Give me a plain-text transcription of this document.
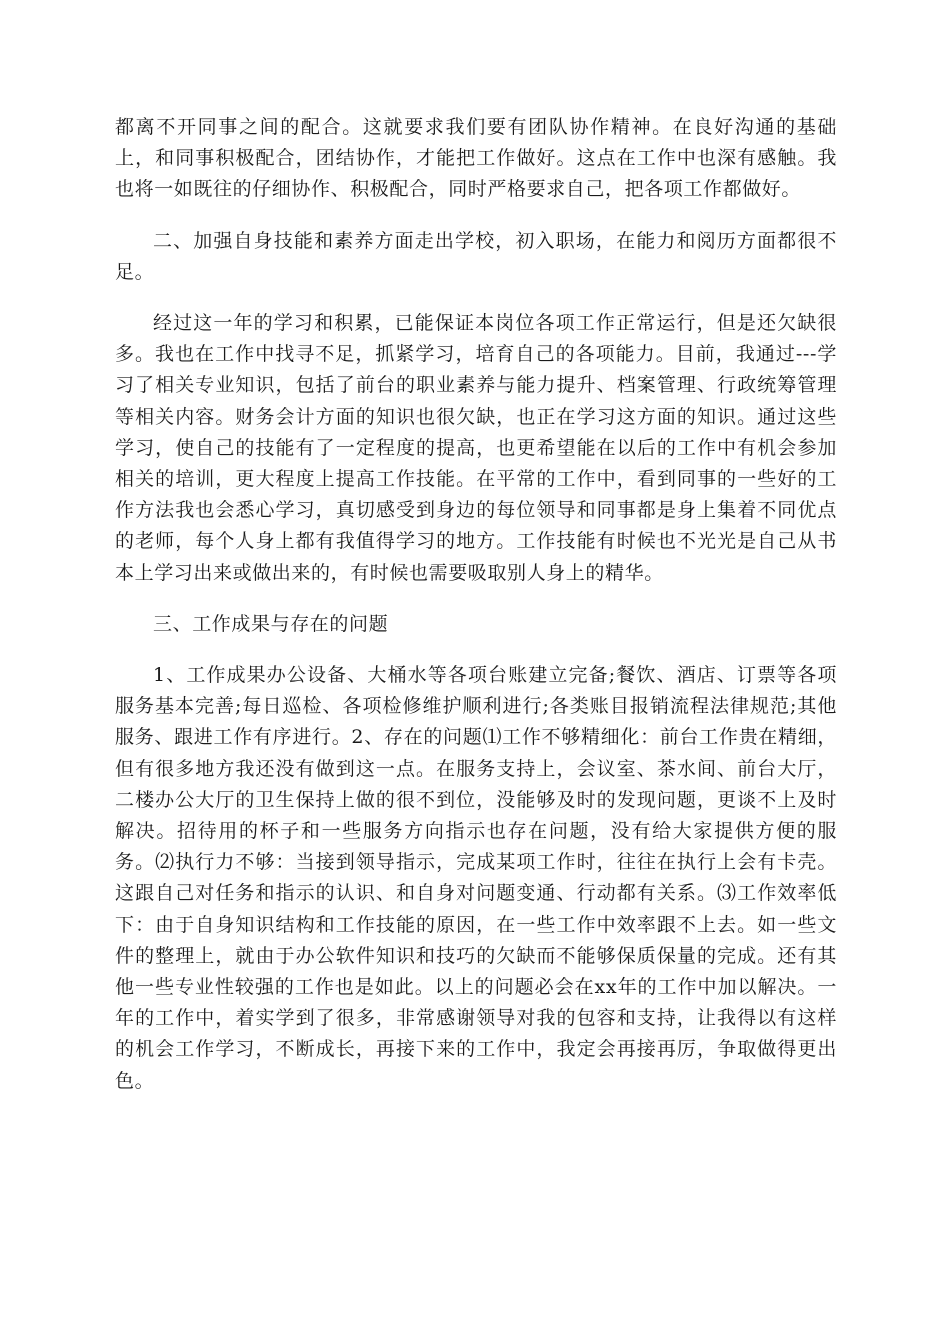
都离不开同事之间的配合。这就要求我们要有团队协作精神。在良好沟通的基础上，和同事积极配合，团结协作，才能把工作做好。这点在工作中也深有感触。我也将一如既往的仔细协作、积极配合，同时严格要求自己，把各项工作都做好。

二、加强自身技能和素养方面走出学校，初入职场，在能力和阅历方面都很不足。

经过这一年的学习和积累，已能保证本岗位各项工作正常运行，但是还欠缺很多。我也在工作中找寻不足，抓紧学习，培育自己的各项能力。目前，我通过---学习了相关专业知识，包括了前台的职业素养与能力提升、档案管理、行政统筹管理等相关内容。财务会计方面的知识也很欠缺，也正在学习这方面的知识。通过这些学习，使自己的技能有了一定程度的提高，也更希望能在以后的工作中有机会参加相关的培训，更大程度上提高工作技能。在平常的工作中，看到同事的一些好的工作方法我也会悉心学习，真切感受到身边的每位领导和同事都是身上集着不同优点的老师，每个人身上都有我值得学习的地方。工作技能有时候也不光光是自己从书本上学习出来或做出来的，有时候也需要吸取别人身上的精华。

三、工作成果与存在的问题

1、工作成果办公设备、大桶水等各项台账建立完备;餐饮、酒店、订票等各项服务基本完善;每日巡检、各项检修维护顺利进行;各类账目报销流程法律规范;其他服务、跟进工作有序进行。2、存在的问题⑴工作不够精细化：前台工作贵在精细，但有很多地方我还没有做到这一点。在服务支持上，会议室、茶水间、前台大厅，二楼办公大厅的卫生保持上做的很不到位，没能够及时的发现问题，更谈不上及时解决。招待用的杯子和一些服务方向指示也存在问题，没有给大家提供方便的服务。⑵执行力不够：当接到领导指示，完成某项工作时，往往在执行上会有卡壳。这跟自己对任务和指示的认识、和自身对问题变通、行动都有关系。⑶工作效率低下：由于自身知识结构和工作技能的原因，在一些工作中效率跟不上去。如一些文件的整理上，就由于办公软件知识和技巧的欠缺而不能够保质保量的完成。还有其他一些专业性较强的工作也是如此。以上的问题必会在xx年的工作中加以解决。一年的工作中，着实学到了很多，非常感谢领导对我的包容和支持，让我得以有这样的机会工作学习，不断成长，再接下来的工作中，我定会再接再厉，争取做得更出色。
